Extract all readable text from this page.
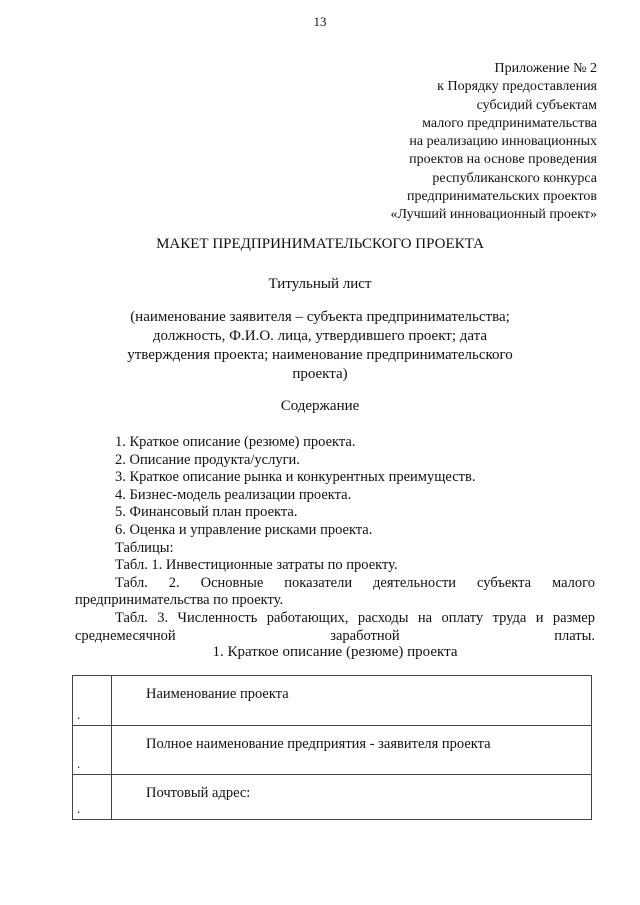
13
Приложение № 2
к Порядку предоставления
субсидий субъектам
малого предпринимательства
на реализацию инновационных
проектов на основе проведения
республиканского конкурса
предпринимательских проектов
«Лучший инновационный проект»
МАКЕТ ПРЕДПРИНИМАТЕЛЬСКОГО ПРОЕКТА
Титульный лист
(наименование заявителя – субъекта предпринимательства;
должность, Ф.И.О. лица, утвердившего проект; дата
утверждения проекта; наименование предпринимательского
проекта)
Содержание
1. Краткое описание (резюме) проекта.
2. Описание продукта/услуги.
3. Краткое описание рынка и конкурентных преимуществ.
4. Бизнес-модель реализации проекта.
5. Финансовый план проекта.
6. Оценка и управление рисками проекта.
Таблицы:
Табл. 1. Инвестиционные затраты по проекту.
Табл. 2. Основные показатели деятельности субъекта малого предпринимательства по проекту.
Табл. 3. Численность работающих, расходы на оплату труда и размер среднемесячной заработной платы.
1. Краткое описание (резюме) проекта
.	Наименование проекта

.	Полное наименование предприятия - заявителя проекта

.	Почтовый адрес:
